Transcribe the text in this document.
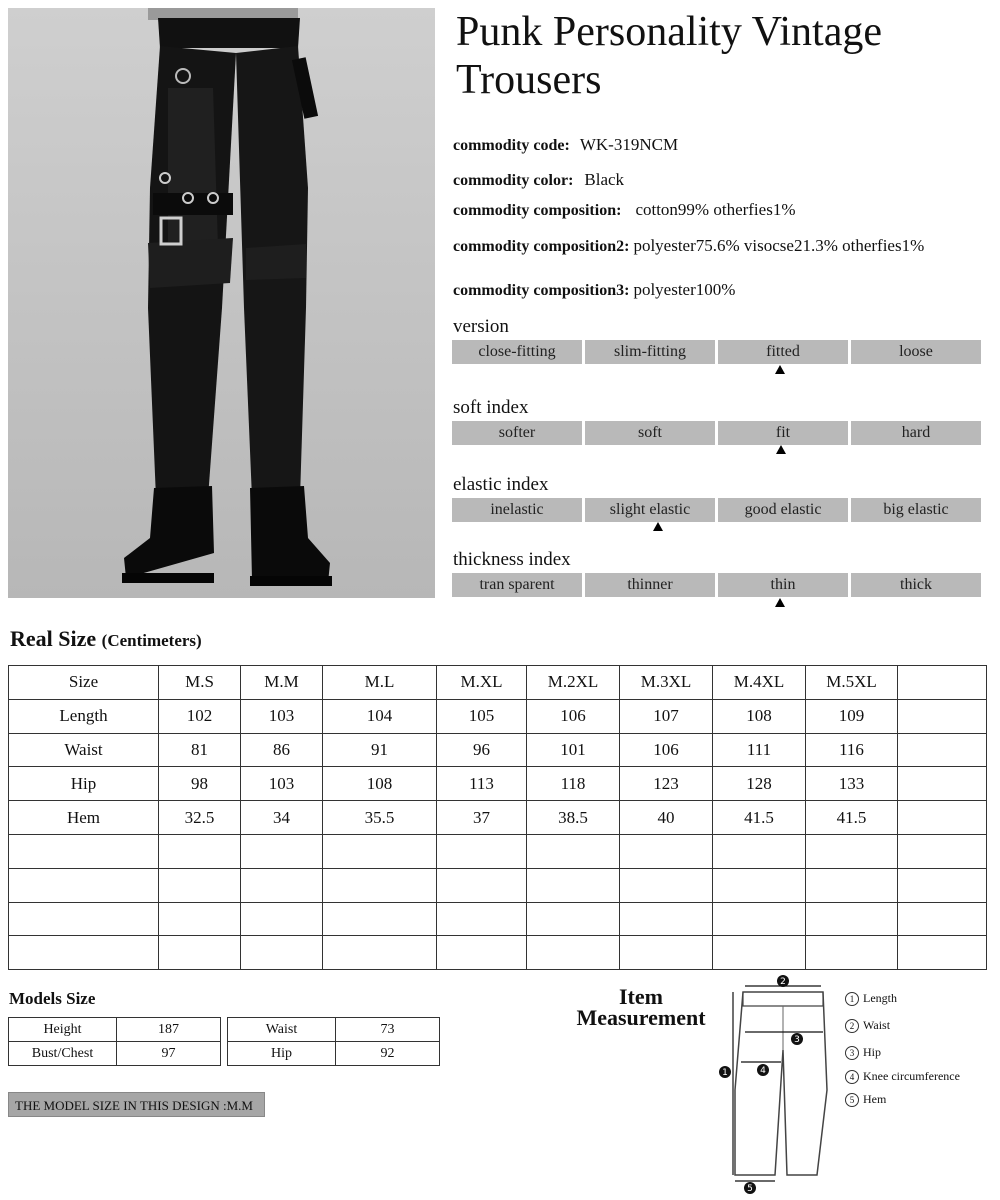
Punk Personality Vintage
Trousers
commodity code: WK-319NCM
commodity color: Black
commodity composition: cotton99% otherfies1%
commodity composition2: polyester75.6% visocse21.3% otherfies1%
commodity composition3: polyester100%
version
close-fitting	slim-fitting	fitted	loose
soft index
softer	soft	fit	hard
elastic index
inelastic	slight elastic	good elastic	big elastic
thickness index
tran sparent	thinner	thin	thick
Real Size (Centimeters)
Size	M.S	M.M	M.L	M.XL	M.2XL	M.3XL	M.4XL	M.5XL	
Length	102	103	104	105	106	107	108	109	
Waist	81	86	91	96	101	106	111	116	
Hip	98	103	108	113	118	123	128	133	
Hem	32.5	34	35.5	37	38.5	40	41.5	41.5	

Models Size
Height	187
Bust/Chest	97
Waist	73
Hip	92
THE MODEL SIZE IN THIS DESIGN :M.M
Item
Measurement
2
3
4
1
5
1 Length
2 Waist
3 Hip
4 Knee circumference
5 Hem
